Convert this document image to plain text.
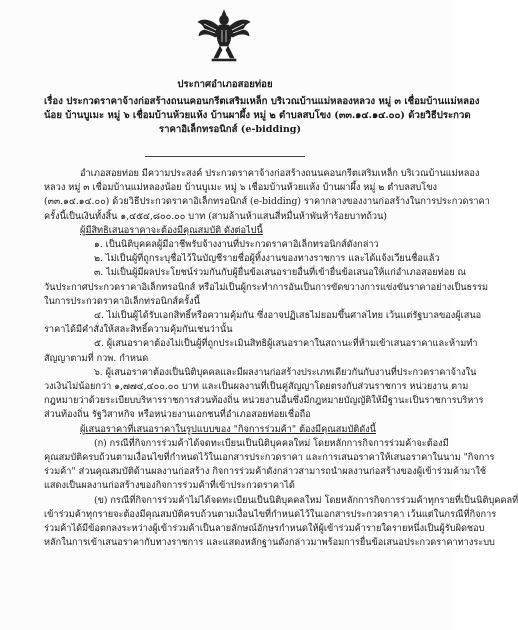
ประกาศอำเภอสอยท่อย
เรื่อง ประกวดราคาจ้างก่อสร้างถนนคอนกรีตเสริมเหล็ก บริเวณบ้านแม่หลองหลวง หมู่ ๓ เชื่อมบ้านแม่หลอง
น้อย บ้านบูเมะ หมู่ ๖ เชื่อมบ้านห้วยแห้ง บ้านผาผึ้ง หมู่ ๒ ตำบลสบโขง (๓๓.๑๔.๑๔.๐๐) ด้วยวิธีประกวด
ราคาอิเล็กทรอนิกส์ (e-bidding)
อำเภอสอยท่อย มีความประสงค์ ประกวดราคาจ้างก่อสร้างถนนคอนกรีตเสริมเหล็ก บริเวณบ้านแม่หลอง
หลวง หมู่ ๓ เชื่อมบ้านแม่หลองน้อย บ้านบูเมะ หมู่ ๖ เชื่อมบ้านห้วยแห้ง บ้านผาผึ้ง หมู่ ๒ ตำบลสบโขง
(๓๓.๑๔.๑๔.๐๐) ด้วยวิธีประกวดราคาอิเล็กทรอนิกส์ (e-bidding) ราคากลางของงานก่อสร้างในการประกวดราคา
ครั้งนี้เป็นเงินทั้งสิ้น ๑,๔๕๔,๘๐๐.๐๐ บาท (สามล้านห้าแสนสี่หมื่นห้าพันห้าร้อยบาทถ้วน)
ผู้มีสิทธิเสนอราคาจะต้องมีคุณสมบัติ ดังต่อไปนี้
๑. เป็นนิติบุคคลผู้มีอาชีพรับจ้างงานที่ประกวดราคาอิเล็กทรอนิกส์ดังกล่าว
๒. ไม่เป็นผู้ที่ถูกระบุชื่อไว้ในบัญชีรายชื่อผู้ทิ้งงานของทางราชการ และได้แจ้งเวียนชื่อแล้ว
๓. ไม่เป็นผู้มีผลประโยชน์ร่วมกันกับผู้ยื่นข้อเสนอรายอื่นที่เข้ายื่นข้อเสนอให้แก่อำเภอสอยท่อย ณ
วันประกาศประกวดราคาอิเล็กทรอนิกส์ หรือไม่เป็นผู้กระทำการอันเป็นการขัดขวางการแข่งขันราคาอย่างเป็นธรรม
ในการประกวดราคาอิเล็กทรอนิกส์ครั้งนี้
๔. ไม่เป็นผู้ได้รับเอกสิทธิ์หรือความคุ้มกัน ซึ่งอาจปฏิเสธไม่ยอมขึ้นศาลไทย เว้นแต่รัฐบาลของผู้เสนอ
ราคาได้มีคำสั่งให้สละสิทธิ์ความคุ้มกันเช่นว่านั้น
๕. ผู้เสนอราคาต้องไม่เป็นผู้ที่ถูกประเมินสิทธิผู้เสนอราคาในสถานะที่ห้ามเข้าเสนอราคาและห้ามทำ
สัญญาตามที่ กวพ. กำหนด
๖. ผู้เสนอราคาต้องเป็นนิติบุคคลและมีผลงานก่อสร้างประเภทเดียวกันกับงานที่ประกวดราคาจ้างใน
วงเงินไม่น้อยกว่า ๑,๗๗๔,๔๐๐.๐๐ บาท และเป็นผลงานที่เป็นคู่สัญญาโดยตรงกับส่วนราชการ หน่วยงาน ตาม
กฎหมายว่าด้วยระเบียบบริหารราชการส่วนท้องถิ่น หน่วยงานอื่นซึ่งมีกฎหมายบัญญัติให้มีฐานะเป็นราชการบริหาร
ส่วนท้องถิ่น รัฐวิสาหกิจ หรือหน่วยงานเอกชนที่อำเภอสอยท่อยเชื่อถือ
ผู้เสนอราคาที่เสนอราคาในรูปแบบของ "กิจการร่วมค้า" ต้องมีคุณสมบัติดังนี้
(ก) กรณีที่กิจการร่วมค้าได้จดทะเบียนเป็นนิติบุคคลใหม่ โดยหลักการกิจการร่วมค้าจะต้องมี
คุณสมบัติครบถ้วนตามเงื่อนไขที่กำหนดไว้ในเอกสารประกวดราคา และการเสนอราคาให้เสนอราคาในนาม "กิจการ
ร่วมค้า" ส่วนคุณสมบัติด้านผลงานก่อสร้าง กิจการร่วมค้าดังกล่าวสามารถนำผลงานก่อสร้างของผู้เข้าร่วมค้ามาใช้
แสดงเป็นผลงานก่อสร้างของกิจการร่วมค้าที่เข้าประกวดราคาได้
(ข) กรณีที่กิจการร่วมค้าไม่ได้จดทะเบียนเป็นนิติบุคคลใหม่ โดยหลักการกิจการร่วมค้าทุกรายที่เป็นนิติบุคคลที่
เข้าร่วมค้าทุกรายจะต้องมีคุณสมบัติครบถ้วนตามเงื่อนไขที่กำหนดไว้ในเอกสารประกวดราคา เว้นแต่ในกรณีที่กิจการ
ร่วมค้าได้มีข้อตกลงระหว่างผู้เข้าร่วมค้าเป็นลายลักษณ์อักษรกำหนดให้ผู้เข้าร่วมค้ารายใดรายหนึ่งเป็นผู้รับผิดชอบ
หลักในการเข้าเสนอราคากับทางราชการ และแสดงหลักฐานดังกล่าวมาพร้อมการยื่นข้อเสนอประกวดราคาทางระบบ
